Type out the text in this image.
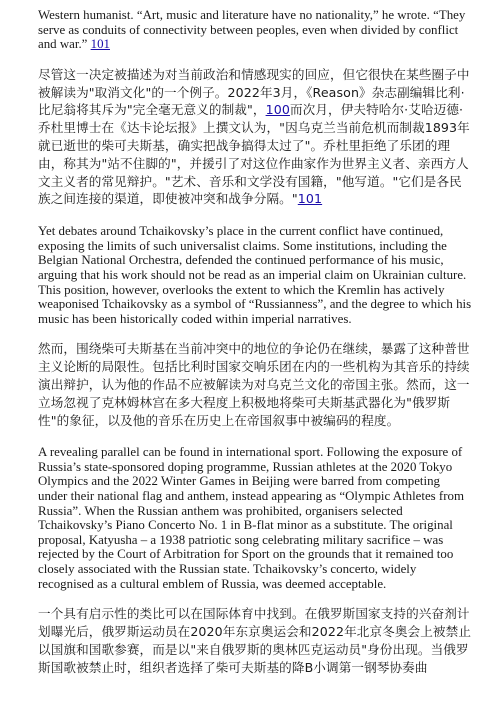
Western humanist. “Art, music and literature have no nationality,” he wrote. “They serve as conduits of connectivity between peoples, even when divided by conflict and war.” 101

尽管这一决定被描述为对当前政治和情感现实的回应，但它很快在某些圈子中被解读为"取消文化"的一个例子。2022年3月，《Reason》杂志副编辑比利·比尼翁将其斥为"完全毫无意义的制裁"，100而次月，伊夫特哈尔·艾哈迈德·乔杜里博士在《达卡论坛报》上撰文认为，"因乌克兰当前危机而制裁1893年就已逝世的柴可夫斯基，确实把战争搞得太过了"。乔杜里拒绝了乐团的理由，称其为"站不住脚的"，并援引了对这位作曲家作为世界主义者、亲西方人文主义者的常见辩护。"艺术、音乐和文学没有国籍，"他写道。"它们是各民族之间连接的渠道，即使被冲突和战争分隔。"101

Yet debates around Tchaikovsky’s place in the current conflict have continued, exposing the limits of such universalist claims. Some institutions, including the Belgian National Orchestra, defended the continued performance of his music, arguing that his work should not be read as an imperial claim on Ukrainian culture. This position, however, overlooks the extent to which the Kremlin has actively weaponised Tchaikovsky as a symbol of “Russianness”, and the degree to which his music has been historically coded within imperial narratives.

然而，围绕柴可夫斯基在当前冲突中的地位的争论仍在继续，暴露了这种普世主义论断的局限性。包括比利时国家交响乐团在内的一些机构为其音乐的持续演出辩护，认为他的作品不应被解读为对乌克兰文化的帝国主张。然而，这一立场忽视了克林姆林宫在多大程度上积极地将柴可夫斯基武器化为"俄罗斯性"的象征，以及他的音乐在历史上在帝国叙事中被编码的程度。

A revealing parallel can be found in international sport. Following the exposure of Russia’s state-sponsored doping programme, Russian athletes at the 2020 Tokyo Olympics and the 2022 Winter Games in Beijing were barred from competing under their national flag and anthem, instead appearing as “Olympic Athletes from Russia”. When the Russian anthem was prohibited, organisers selected Tchaikovsky’s Piano Concerto No. 1 in B-flat minor as a substitute. The original proposal, Katyusha – a 1938 patriotic song celebrating military sacrifice – was rejected by the Court of Arbitration for Sport on the grounds that it remained too closely associated with the Russian state. Tchaikovsky’s concerto, widely recognised as a cultural emblem of Russia, was deemed acceptable.

一个具有启示性的类比可以在国际体育中找到。在俄罗斯国家支持的兴奋剂计划曝光后，俄罗斯运动员在2020年东京奥运会和2022年北京冬奥会上被禁止以国旗和国歌参赛，而是以"来自俄罗斯的奥林匹克运动员"身份出现。当俄罗斯国歌被禁止时，组织者选择了柴可夫斯基的降B小调第一钢琴协奏曲
